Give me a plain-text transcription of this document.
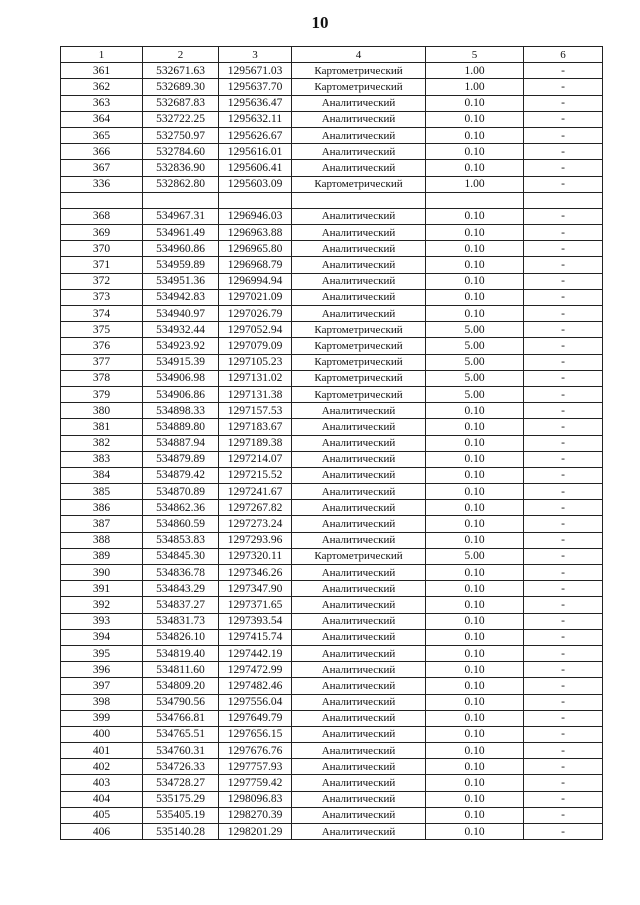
10
1	2	3	4	5	6
361	532671.63	1295671.03	Картометрический	1.00	-
362	532689.30	1295637.70	Картометрический	1.00	-
363	532687.83	1295636.47	Аналитический	0.10	-
364	532722.25	1295632.11	Аналитический	0.10	-
365	532750.97	1295626.67	Аналитический	0.10	-
366	532784.60	1295616.01	Аналитический	0.10	-
367	532836.90	1295606.41	Аналитический	0.10	-
336	532862.80	1295603.09	Картометрический	1.00	-

368	534967.31	1296946.03	Аналитический	0.10	-
369	534961.49	1296963.88	Аналитический	0.10	-
370	534960.86	1296965.80	Аналитический	0.10	-
371	534959.89	1296968.79	Аналитический	0.10	-
372	534951.36	1296994.94	Аналитический	0.10	-
373	534942.83	1297021.09	Аналитический	0.10	-
374	534940.97	1297026.79	Аналитический	0.10	-
375	534932.44	1297052.94	Картометрический	5.00	-
376	534923.92	1297079.09	Картометрический	5.00	-
377	534915.39	1297105.23	Картометрический	5.00	-
378	534906.98	1297131.02	Картометрический	5.00	-
379	534906.86	1297131.38	Картометрический	5.00	-
380	534898.33	1297157.53	Аналитический	0.10	-
381	534889.80	1297183.67	Аналитический	0.10	-
382	534887.94	1297189.38	Аналитический	0.10	-
383	534879.89	1297214.07	Аналитический	0.10	-
384	534879.42	1297215.52	Аналитический	0.10	-
385	534870.89	1297241.67	Аналитический	0.10	-
386	534862.36	1297267.82	Аналитический	0.10	-
387	534860.59	1297273.24	Аналитический	0.10	-
388	534853.83	1297293.96	Аналитический	0.10	-
389	534845.30	1297320.11	Картометрический	5.00	-
390	534836.78	1297346.26	Аналитический	0.10	-
391	534843.29	1297347.90	Аналитический	0.10	-
392	534837.27	1297371.65	Аналитический	0.10	-
393	534831.73	1297393.54	Аналитический	0.10	-
394	534826.10	1297415.74	Аналитический	0.10	-
395	534819.40	1297442.19	Аналитический	0.10	-
396	534811.60	1297472.99	Аналитический	0.10	-
397	534809.20	1297482.46	Аналитический	0.10	-
398	534790.56	1297556.04	Аналитический	0.10	-
399	534766.81	1297649.79	Аналитический	0.10	-
400	534765.51	1297656.15	Аналитический	0.10	-
401	534760.31	1297676.76	Аналитический	0.10	-
402	534726.33	1297757.93	Аналитический	0.10	-
403	534728.27	1297759.42	Аналитический	0.10	-
404	535175.29	1298096.83	Аналитический	0.10	-
405	535405.19	1298270.39	Аналитический	0.10	-
406	535140.28	1298201.29	Аналитический	0.10	-
